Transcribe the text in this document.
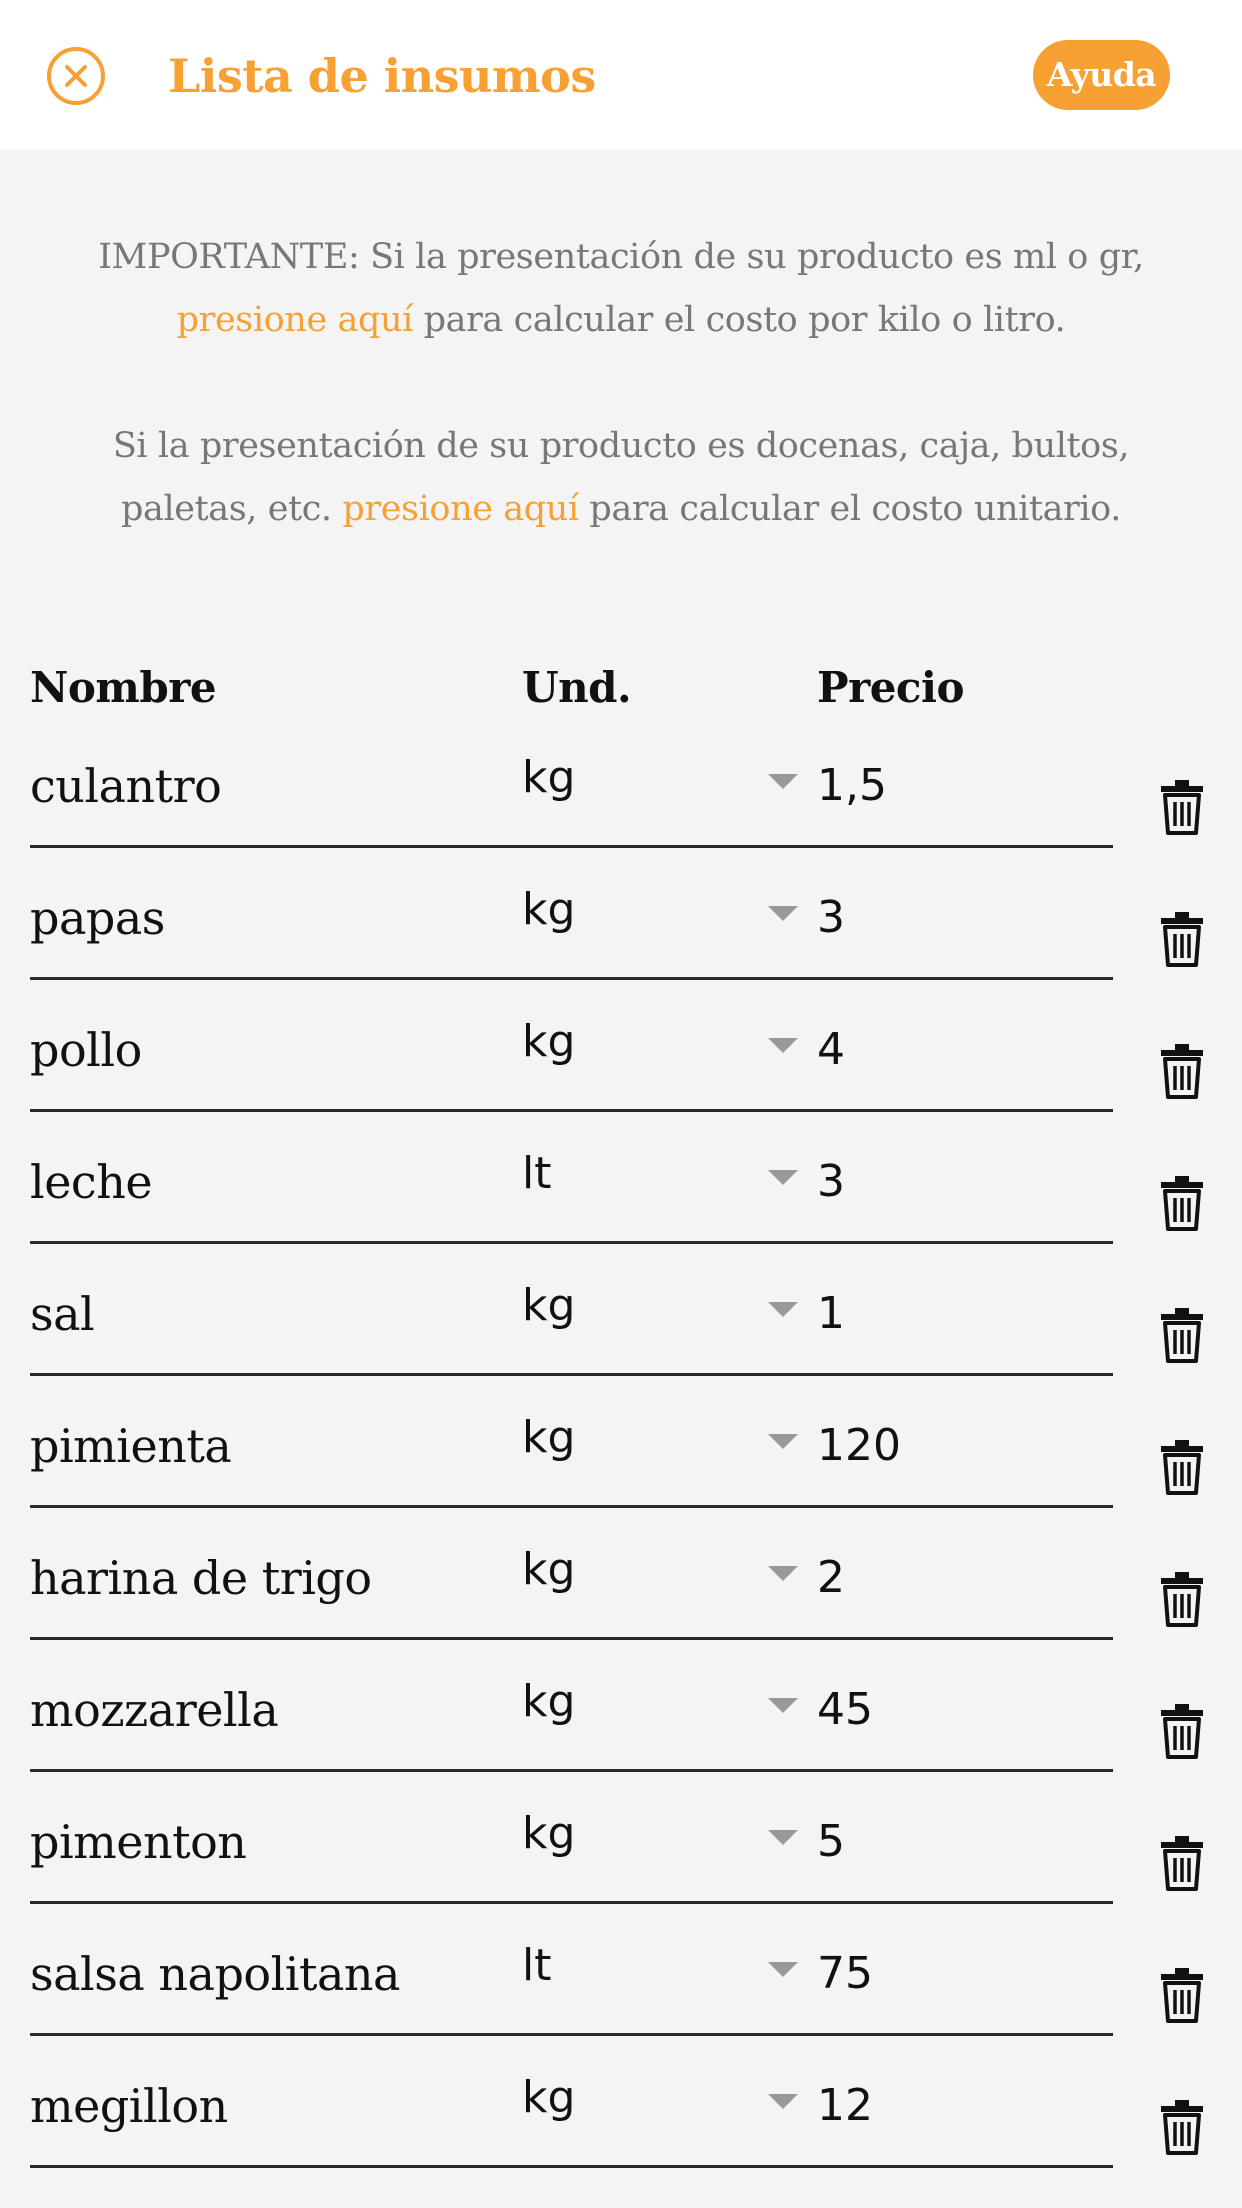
Lista de insumos	Ayuda
IMPORTANTE: Si la presentación de su producto es ml o gr, presione aquí para calcular el costo por kilo o litro.
Si la presentación de su producto es docenas, caja, bultos, paletas, etc. presione aquí para calcular el costo unitario.
Nombre	Und.	Precio
culantro	kg	1,5
papas	kg	3
pollo	kg	4
leche	lt	3
sal	kg	1
pimienta	kg	120
harina de trigo	kg	2
mozzarella	kg	45
pimenton	kg	5
salsa napolitana	lt	75
megillon	kg	12
